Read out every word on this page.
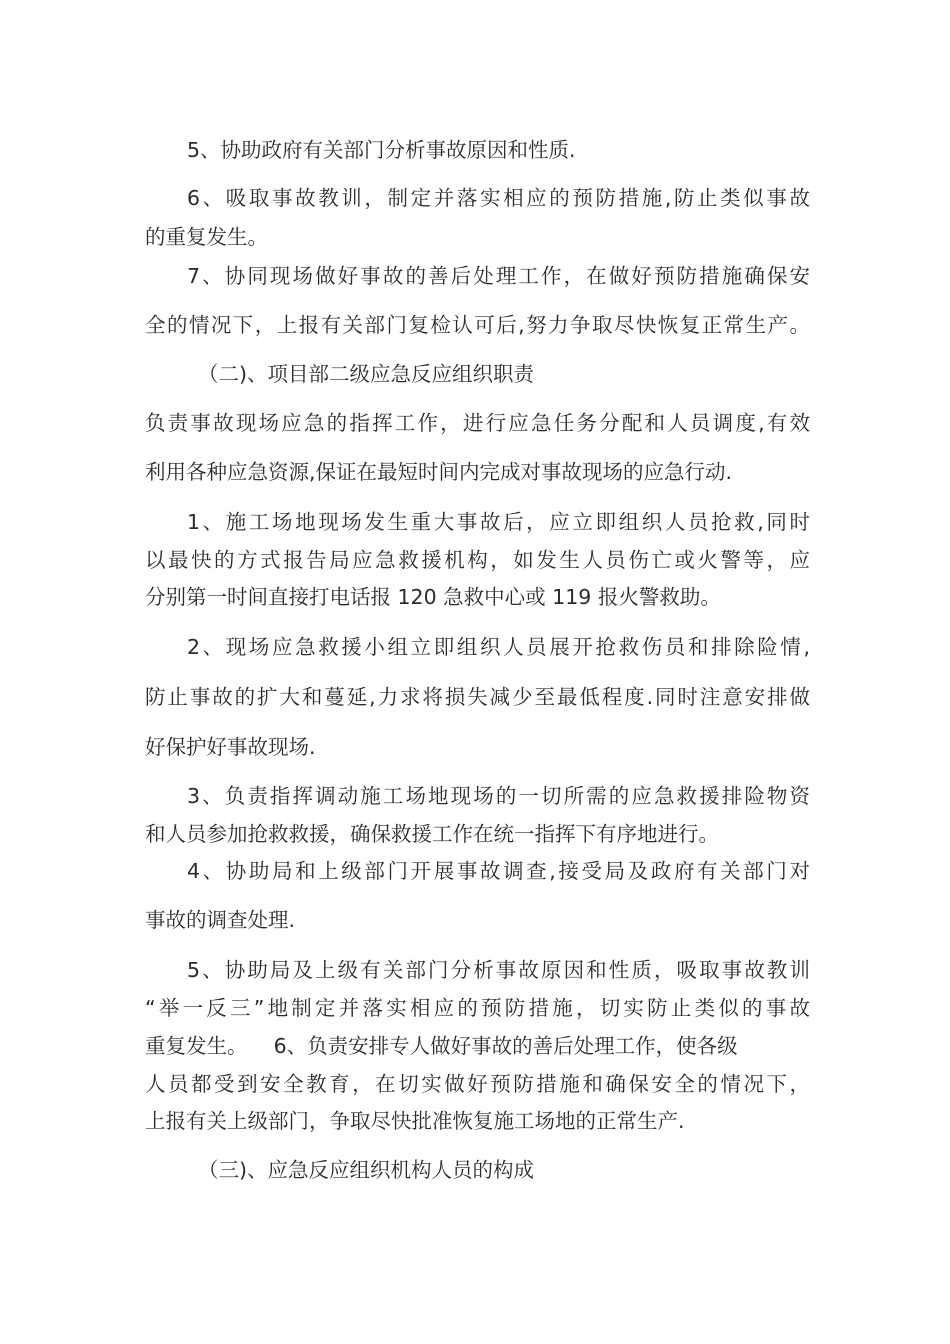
5、协助政府有关部门分析事故原因和性质.
6、吸取事故教训，制定并落实相应的预防措施,防止类似事故
的重复发生。
7、协同现场做好事故的善后处理工作，在做好预防措施确保安
全的情况下，上报有关部门复检认可后,努力争取尽快恢复正常生产。
（二)、项目部二级应急反应组织职责
负责事故现场应急的指挥工作，进行应急任务分配和人员调度,有效
利用各种应急资源,保证在最短时间内完成对事故现场的应急行动.
1、施工场地现场发生重大事故后，应立即组织人员抢救,同时
以最快的方式报告局应急救援机构，如发生人员伤亡或火警等，应
分别第一时间直接打电话报 120 急救中心或 119 报火警救助。
2、现场应急救援小组立即组织人员展开抢救伤员和排除险情,
防止事故的扩大和蔓延,力求将损失减少至最低程度.同时注意安排做
好保护好事故现场.
3、负责指挥调动施工场地现场的一切所需的应急救援排险物资
和人员参加抢救救援，确保救援工作在统一指挥下有序地进行。
4、协助局和上级部门开展事故调查,接受局及政府有关部门对
事故的调查处理.
5、协助局及上级有关部门分析事故原因和性质，吸取事故教训
“举一反三”地制定并落实相应的预防措施，切实防止类似的事故
重复发生。    6、负责安排专人做好事故的善后处理工作，使各级
人员都受到安全教育，在切实做好预防措施和确保安全的情况下，
上报有关上级部门，争取尽快批准恢复施工场地的正常生产.
（三)、应急反应组织机构人员的构成
